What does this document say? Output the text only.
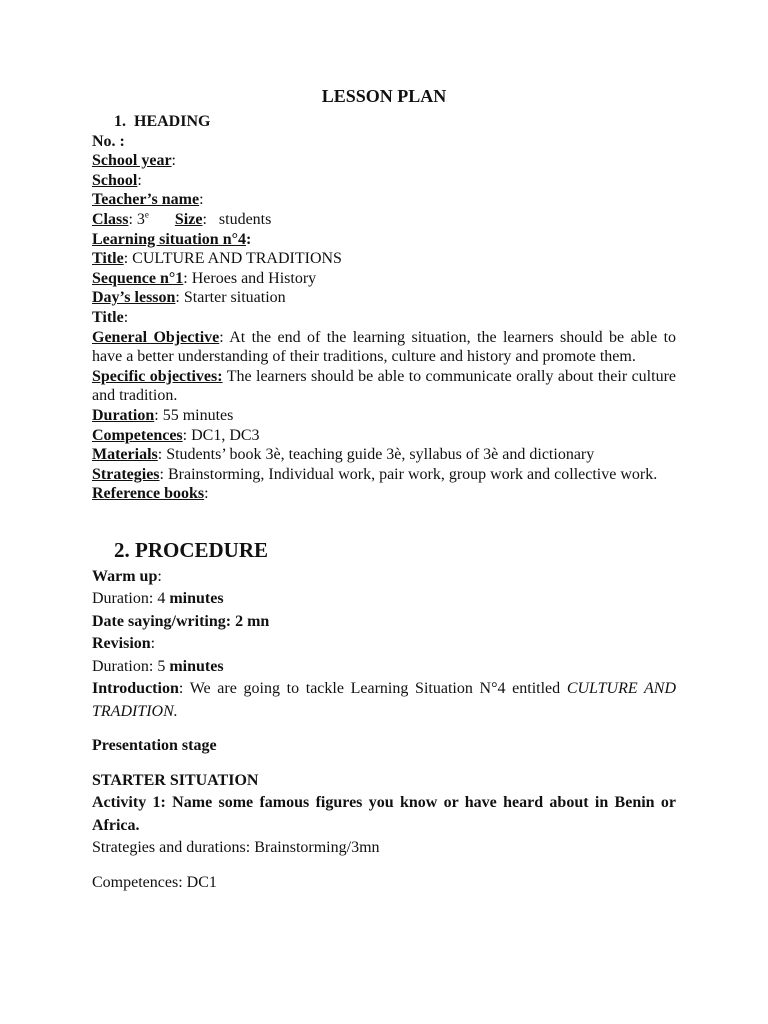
LESSON PLAN
1. HEADING
No. :
School year:
School:
Teacher’s name:
Class: 3e Size:   students
Learning situation n°4:
Title: CULTURE AND TRADITIONS
Sequence n°1: Heroes and History
Day’s lesson: Starter situation
Title:
General Objective: At the end of the learning situation, the learners should be able to have a better understanding of their traditions, culture and history and promote them.
Specific objectives: The learners should be able to communicate orally about their culture and tradition.
Duration: 55 minutes
Competences: DC1, DC3
Materials: Students’ book 3è, teaching guide 3è, syllabus of 3è and dictionary
Strategies: Brainstorming, Individual work, pair work, group work and collective work.
Reference books:
2. PROCEDURE
Warm up:
Duration: 4 minutes
Date saying/writing: 2 mn
Revision:
Duration: 5 minutes
Introduction: We are going to tackle Learning Situation N°4 entitled CULTURE AND TRADITION.
Presentation stage
STARTER SITUATION
Activity 1: Name some famous figures you know or have heard about in Benin or Africa.
Strategies and durations: Brainstorming/3mn
Competences: DC1
